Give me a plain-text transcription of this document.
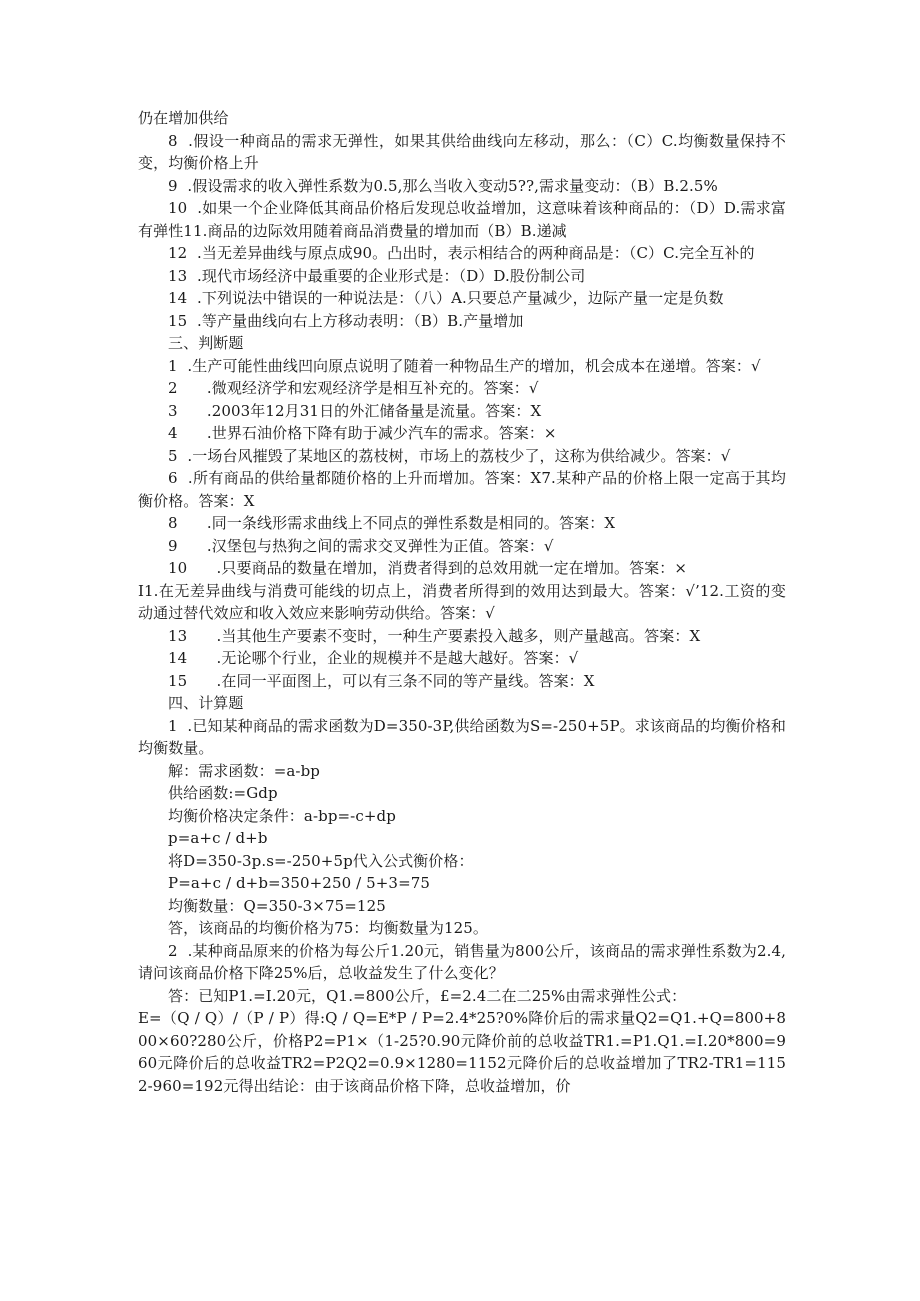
仍在增加供给

8  .假设一种商品的需求无弹性，如果其供给曲线向左移动，那么：（C）C.均衡数量保持不变，均衡价格上升

9  .假设需求的收入弹性系数为0.5,那么当收入变动5??,需求量变动：（B）B.2.5%

10  .如果一个企业降低其商品价格后发现总收益增加，这意味着该种商品的：（D）D.需求富有弹性11.商品的边际效用随着商品消费量的增加而（B）B.递减

12  .当无差异曲线与原点成90。凸出时，表示相结合的两种商品是：（C）C.完全互补的

13  .现代市场经济中最重要的企业形式是：（D）D.股份制公司

14  .下列说法中错误的一种说法是：（八）A.只要总产量减少，边际产量一定是负数

15  .等产量曲线向右上方移动表明：（B）B.产量增加

三、判断题

1  .生产可能性曲线凹向原点说明了随着一种物品生产的增加，机会成本在递增。答案：√

2      .微观经济学和宏观经济学是相互补充的。答案：√

3      .2003年12月31日的外汇储备量是流量。答案：X

4      .世界石油价格下降有助于减少汽车的需求。答案：×

5  .一场台风摧毁了某地区的荔枝树，市场上的荔枝少了，这称为供给减少。答案：√

6  .所有商品的供给量都随价格的上升而增加。答案：X7.某种产品的价格上限一定高于其均衡价格。答案：X

8      .同一条线形需求曲线上不同点的弹性系数是相同的。答案：X

9      .汉堡包与热狗之间的需求交叉弹性为正值。答案：√

10      .只要商品的数量在增加，消费者得到的总效用就一定在增加。答案：×

I1.在无差异曲线与消费可能线的切点上，消费者所得到的效用达到最大。答案：√’12.工资的变动通过替代效应和收入效应来影响劳动供给。答案：√

13      .当其他生产要素不变时，一种生产要素投入越多，则产量越高。答案：X

14      .无论哪个行业，企业的规模并不是越大越好。答案：√

15      .在同一平面图上，可以有三条不同的等产量线。答案：X

四、计算题

1  .已知某种商品的需求函数为D=350-3P,供给函数为S=-250+5P。求该商品的均衡价格和均衡数量。

解：需求函数：=a-bp

供给函数:=Gdp

均衡价格决定条件：a-bp=-c+dp

p=a+c / d+b

将D=350-3p.s=-250+5p代入公式衡价格：

P=a+c / d+b=350+250 / 5+3=75

均衡数量：Q=350-3×75=125

答，该商品的均衡价格为75：均衡数量为125。

2  .某种商品原来的价格为每公斤1.20元，销售量为800公斤，该商品的需求弹性系数为2.4,请问该商品价格下降25%后，总收益发生了什么变化？

答：已知P1.=I.20元，Q1.=800公斤，£=2.4二在二25%由需求弹性公式：

E=（Q / Q）/（P / P）得:Q / Q=E*P / P=2.4*25?0%降价后的需求量Q2=Q1.+Q=800+800×60?280公斤，价格P2=P1×（1-25?0.90元降价前的总收益TR1.=P1.Q1.=I.20*800=960元降价后的总收益TR2=P2Q2=0.9×1280=1152元降价后的总收益增加了TR2-TR1=1152-960=192元得出结论：由于该商品价格下降，总收益增加，价
